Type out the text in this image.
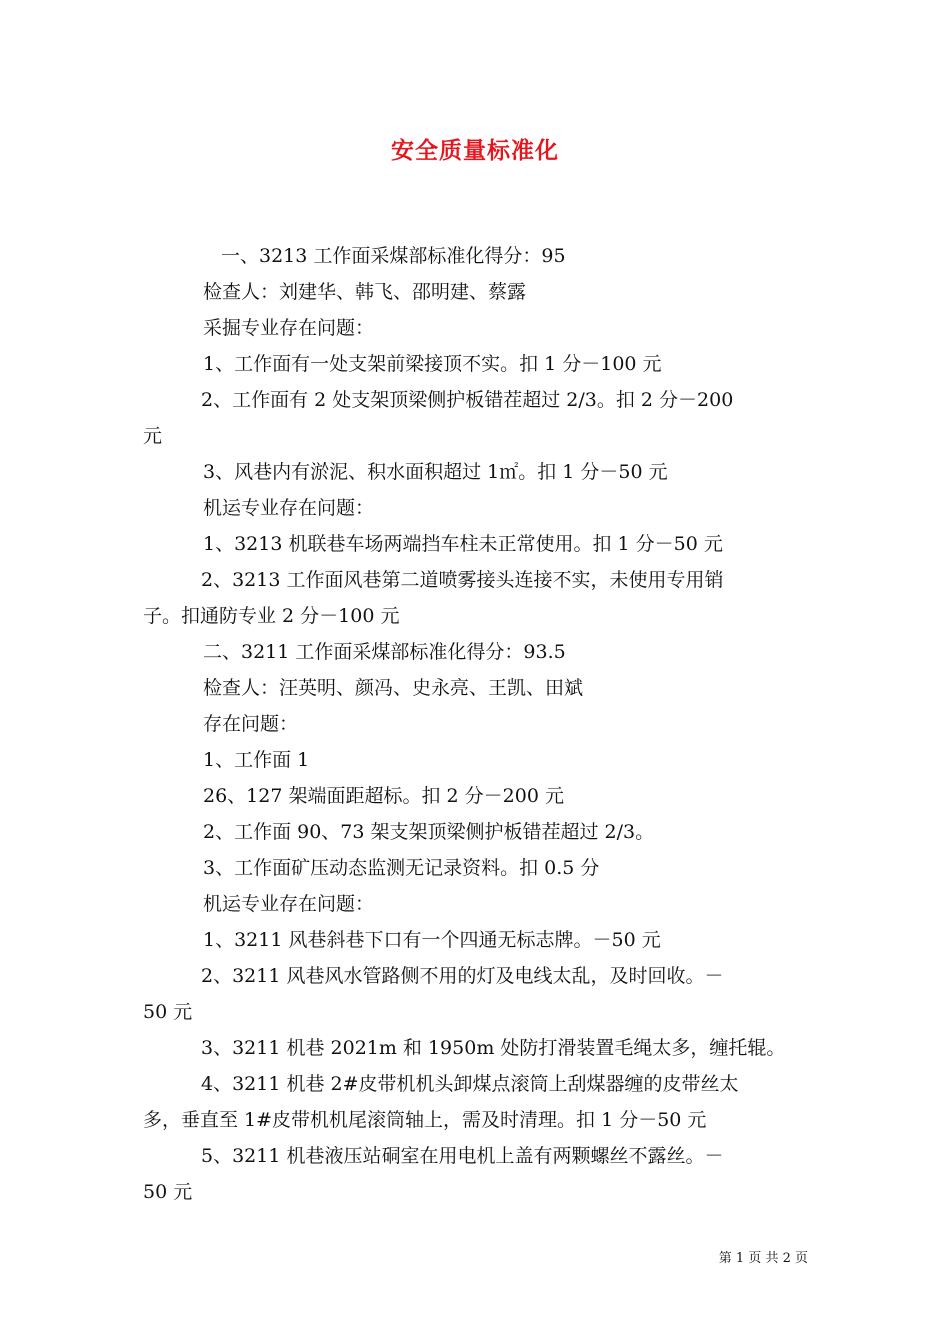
安全质量标准化
一、3213 工作面采煤部标准化得分：95
检查人：刘建华、韩飞、邵明建、蔡露
采掘专业存在问题：
1、工作面有一处支架前梁接顶不实。扣 1 分－100 元
2、工作面有 2 处支架顶梁侧护板错茬超过 2/3。扣 2 分－200
元
3、风巷内有淤泥、积水面积超过 1㎡。扣 1 分－50 元
机运专业存在问题：
1、3213 机联巷车场两端挡车柱未正常使用。扣 1 分－50 元
2、3213 工作面风巷第二道喷雾接头连接不实，未使用专用销
子。扣通防专业 2 分－100 元
二、3211 工作面采煤部标准化得分：93.5
检查人：汪英明、颜冯、史永亮、王凯、田斌
存在问题：
1、工作面 1
26、127 架端面距超标。扣 2 分－200 元
2、工作面 90、73 架支架顶梁侧护板错茬超过 2/3。
3、工作面矿压动态监测无记录资料。扣 0.5 分
机运专业存在问题：
1、3211 风巷斜巷下口有一个四通无标志牌。－50 元
2、3211 风巷风水管路侧不用的灯及电线太乱，及时回收。－
50 元
3、3211 机巷 2021m 和 1950m 处防打滑装置毛绳太多，缠托辊。
4、3211 机巷 2#皮带机机头卸煤点滚筒上刮煤器缠的皮带丝太
多，垂直至 1#皮带机机尾滚筒轴上，需及时清理。扣 1 分－50 元
5、3211 机巷液压站硐室在用电机上盖有两颗螺丝不露丝。－
50 元
第 1 页 共 2 页
